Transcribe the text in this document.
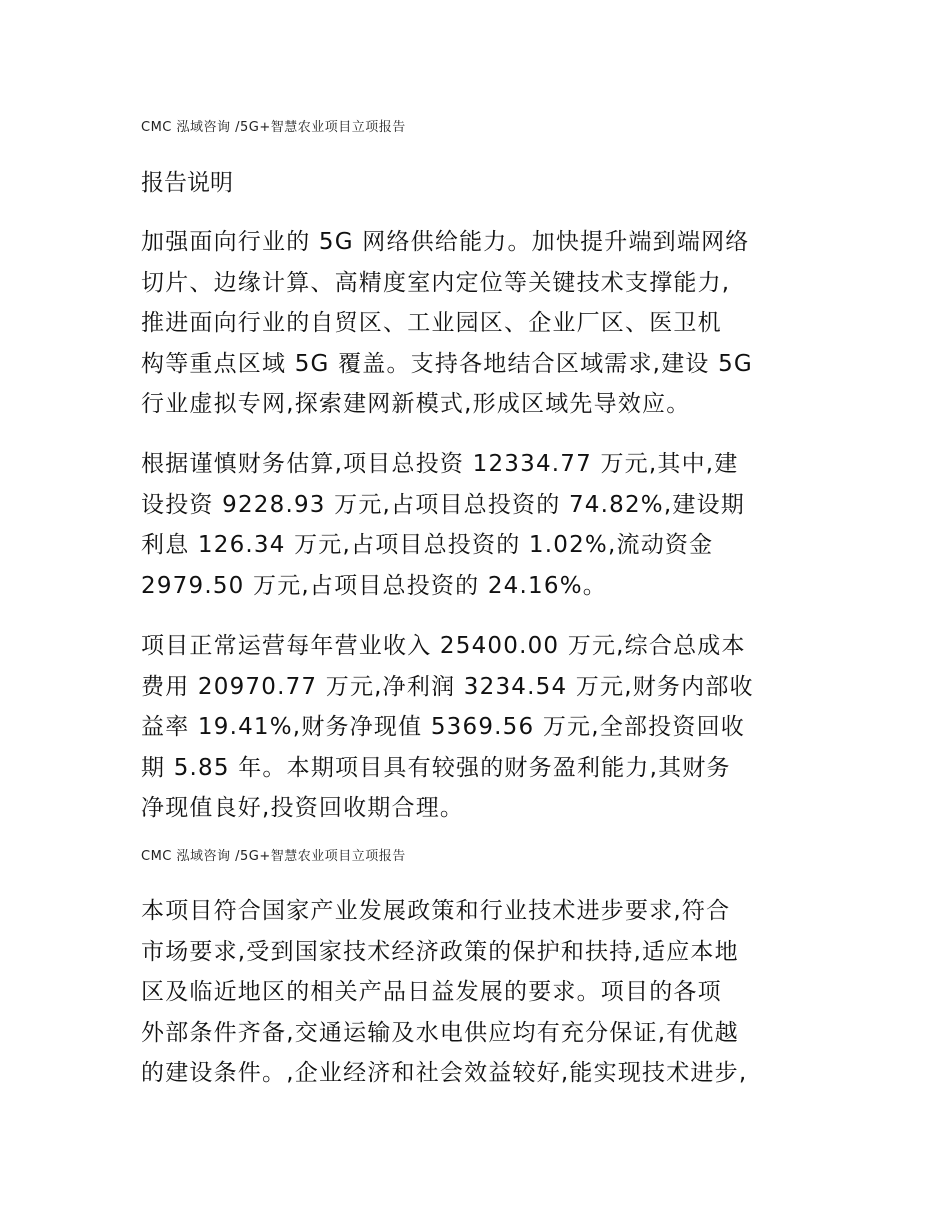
CMC 泓域咨询 /5G+智慧农业项目立项报告
报告说明
加强面向行业的 5G 网络供给能力。加快提升端到端网络
切片、边缘计算、高精度室内定位等关键技术支撑能力,
推进面向行业的自贸区、工业园区、企业厂区、医卫机
构等重点区域 5G 覆盖。支持各地结合区域需求,建设 5G
行业虚拟专网,探索建网新模式,形成区域先导效应。
根据谨慎财务估算,项目总投资 12334.77 万元,其中,建
设投资 9228.93 万元,占项目总投资的 74.82%,建设期
利息 126.34 万元,占项目总投资的 1.02%,流动资金
2979.50 万元,占项目总投资的 24.16%。
项目正常运营每年营业收入 25400.00 万元,综合总成本
费用 20970.77 万元,净利润 3234.54 万元,财务内部收
益率 19.41%,财务净现值 5369.56 万元,全部投资回收
期 5.85 年。本期项目具有较强的财务盈利能力,其财务
净现值良好,投资回收期合理。
CMC 泓域咨询 /5G+智慧农业项目立项报告
本项目符合国家产业发展政策和行业技术进步要求,符合
市场要求,受到国家技术经济政策的保护和扶持,适应本地
区及临近地区的相关产品日益发展的要求。项目的各项
外部条件齐备,交通运输及水电供应均有充分保证,有优越
的建设条件。,企业经济和社会效益较好,能实现技术进步,
